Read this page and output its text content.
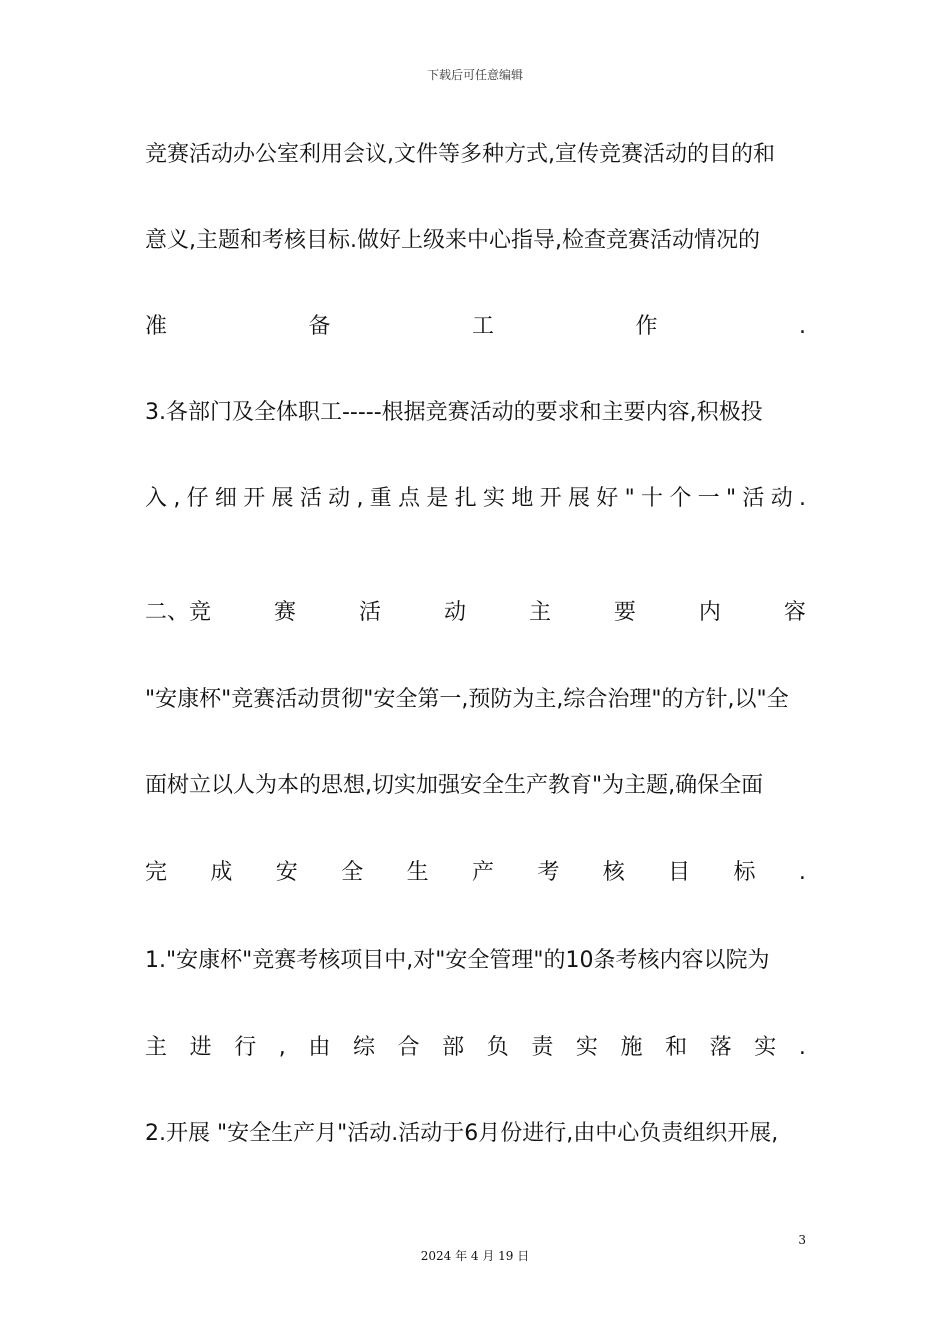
下载后可任意编辑
竞赛活动办公室利用会议,文件等多种方式,宣传竞赛活动的目的和
意义,主题和考核目标.做好上级来中心指导,检查竞赛活动情况的
准	备	工	作	.
3.各部门及全体职工-----根据竞赛活动的要求和主要内容,积极投
入 , 仔 细 开 展 活 动 , 重 点 是 扎 实 地 开 展 好 " 十 个 一 " 活 动 .
二、竞	赛	活	动	主	要	内	容
"安康杯"竞赛活动贯彻"安全第一,预防为主,综合治理"的方针,以"全
面树立以人为本的思想,切实加强安全生产教育"为主题,确保全面
完 成 安 全 生 产 考 核 目 标 .
1."安康杯"竞赛考核项目中,对"安全管理"的10条考核内容以院为
主 进 行 , 由 综 合 部 负 责 实 施 和 落 实 .
2.开展 "安全生产月"活动.活动于6月份进行,由中心负责组织开展,
3
2024 年 4 月 19 日
